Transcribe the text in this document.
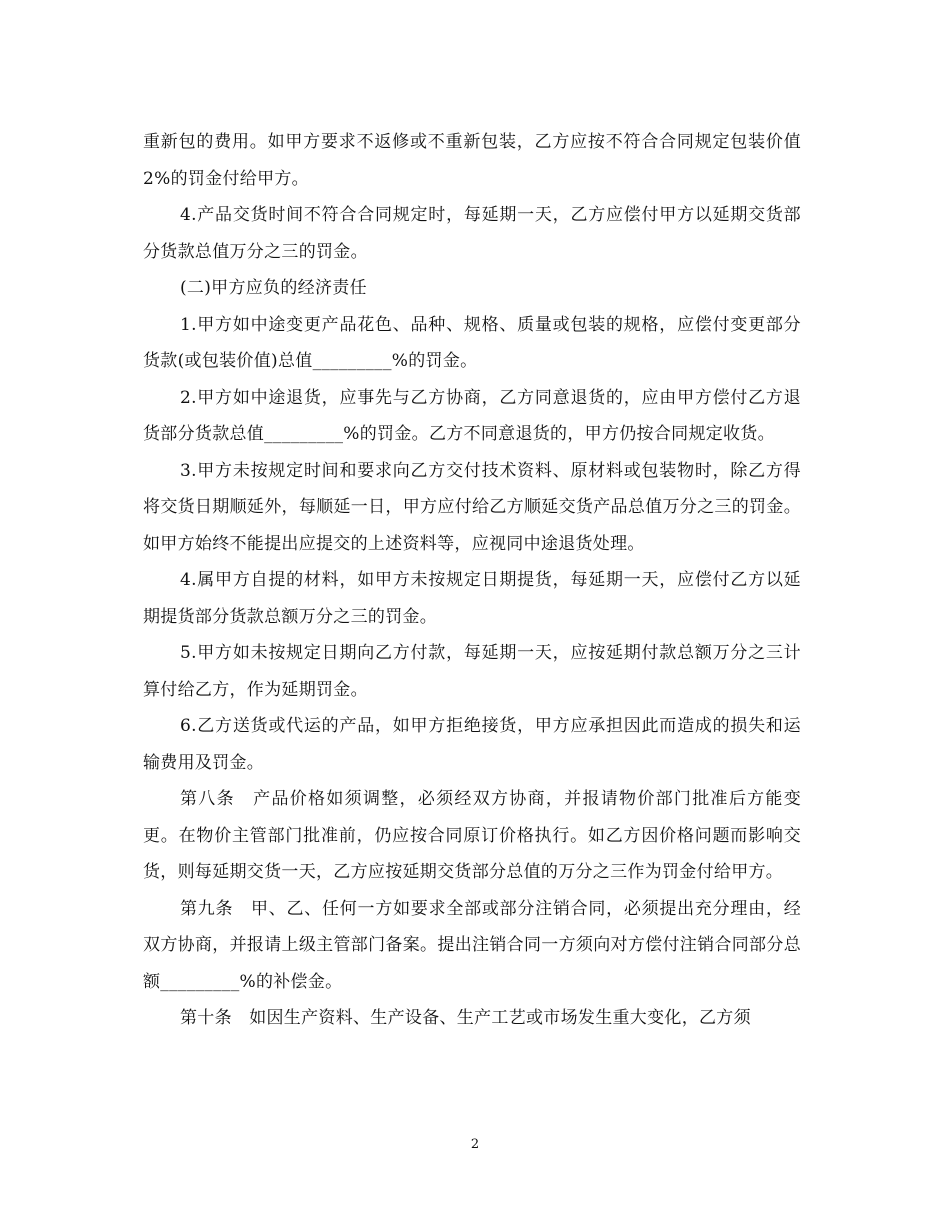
重新包的费用。如甲方要求不返修或不重新包装，乙方应按不符合合同规定包装价值 2%的罚金付给甲方。

4.产品交货时间不符合合同规定时，每延期一天，乙方应偿付甲方以延期交货部分货款总值万分之三的罚金。

(二)甲方应负的经济责任

1.甲方如中途变更产品花色、品种、规格、质量或包装的规格，应偿付变更部分货款(或包装价值)总值_________%的罚金。

2.甲方如中途退货，应事先与乙方协商，乙方同意退货的，应由甲方偿付乙方退货部分货款总值_________%的罚金。乙方不同意退货的，甲方仍按合同规定收货。

3.甲方未按规定时间和要求向乙方交付技术资料、原材料或包装物时，除乙方得将交货日期顺延外，每顺延一日，甲方应付给乙方顺延交货产品总值万分之三的罚金。如甲方始终不能提出应提交的上述资料等，应视同中途退货处理。

4.属甲方自提的材料，如甲方未按规定日期提货，每延期一天，应偿付乙方以延期提货部分货款总额万分之三的罚金。

5.甲方如未按规定日期向乙方付款，每延期一天，应按延期付款总额万分之三计算付给乙方，作为延期罚金。

6.乙方送货或代运的产品，如甲方拒绝接货，甲方应承担因此而造成的损失和运输费用及罚金。

第八条　产品价格如须调整，必须经双方协商，并报请物价部门批准后方能变更。在物价主管部门批准前，仍应按合同原订价格执行。如乙方因价格问题而影响交货，则每延期交货一天，乙方应按延期交货部分总值的万分之三作为罚金付给甲方。

第九条　甲、乙、任何一方如要求全部或部分注销合同，必须提出充分理由，经双方协商，并报请上级主管部门备案。提出注销合同一方须向对方偿付注销合同部分总额_________%的补偿金。

第十条　如因生产资料、生产设备、生产工艺或市场发生重大变化，乙方须

2
